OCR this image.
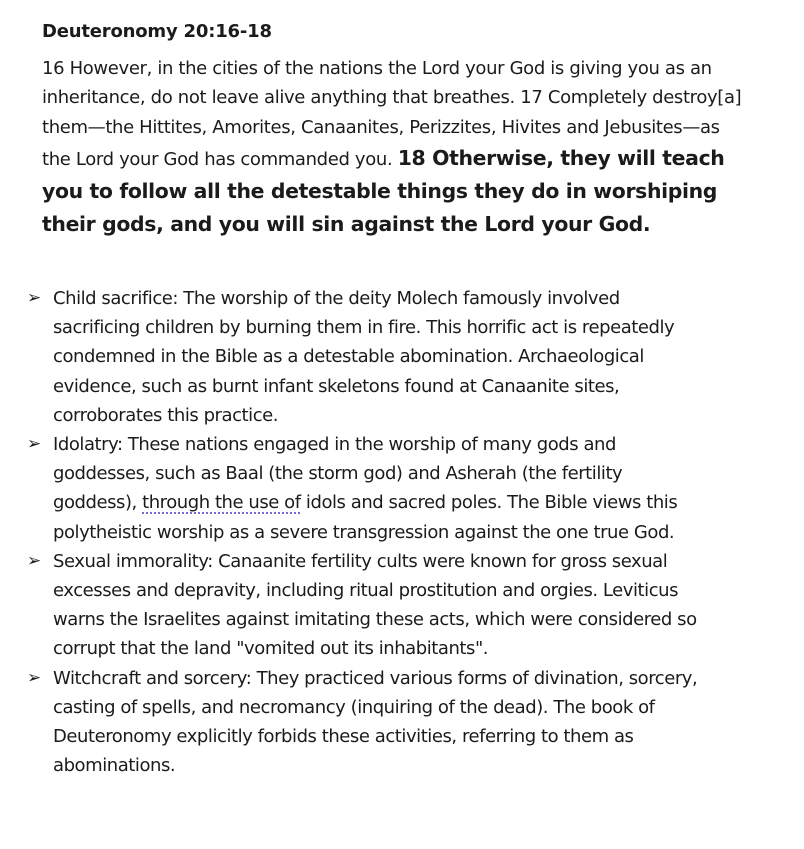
Deuteronomy 20:16-18

16 However, in the cities of the nations the Lord your God is giving you as an inheritance, do not leave alive anything that breathes. 17 Completely destroy[a] them—the Hittites, Amorites, Canaanites, Perizzites, Hivites and Jebusites—as the Lord your God has commanded you. 18 Otherwise, they will teach you to follow all the detestable things they do in worshiping their gods, and you will sin against the Lord your God.

➢ Child sacrifice: The worship of the deity Molech famously involved sacrificing children by burning them in fire. This horrific act is repeatedly condemned in the Bible as a detestable abomination. Archaeological evidence, such as burnt infant skeletons found at Canaanite sites, corroborates this practice.
➢ Idolatry: These nations engaged in the worship of many gods and goddesses, such as Baal (the storm god) and Asherah (the fertility goddess), through the use of idols and sacred poles. The Bible views this polytheistic worship as a severe transgression against the one true God.
➢ Sexual immorality: Canaanite fertility cults were known for gross sexual excesses and depravity, including ritual prostitution and orgies. Leviticus warns the Israelites against imitating these acts, which were considered so corrupt that the land "vomited out its inhabitants".
➢ Witchcraft and sorcery: They practiced various forms of divination, sorcery, casting of spells, and necromancy (inquiring of the dead). The book of Deuteronomy explicitly forbids these activities, referring to them as abominations.
